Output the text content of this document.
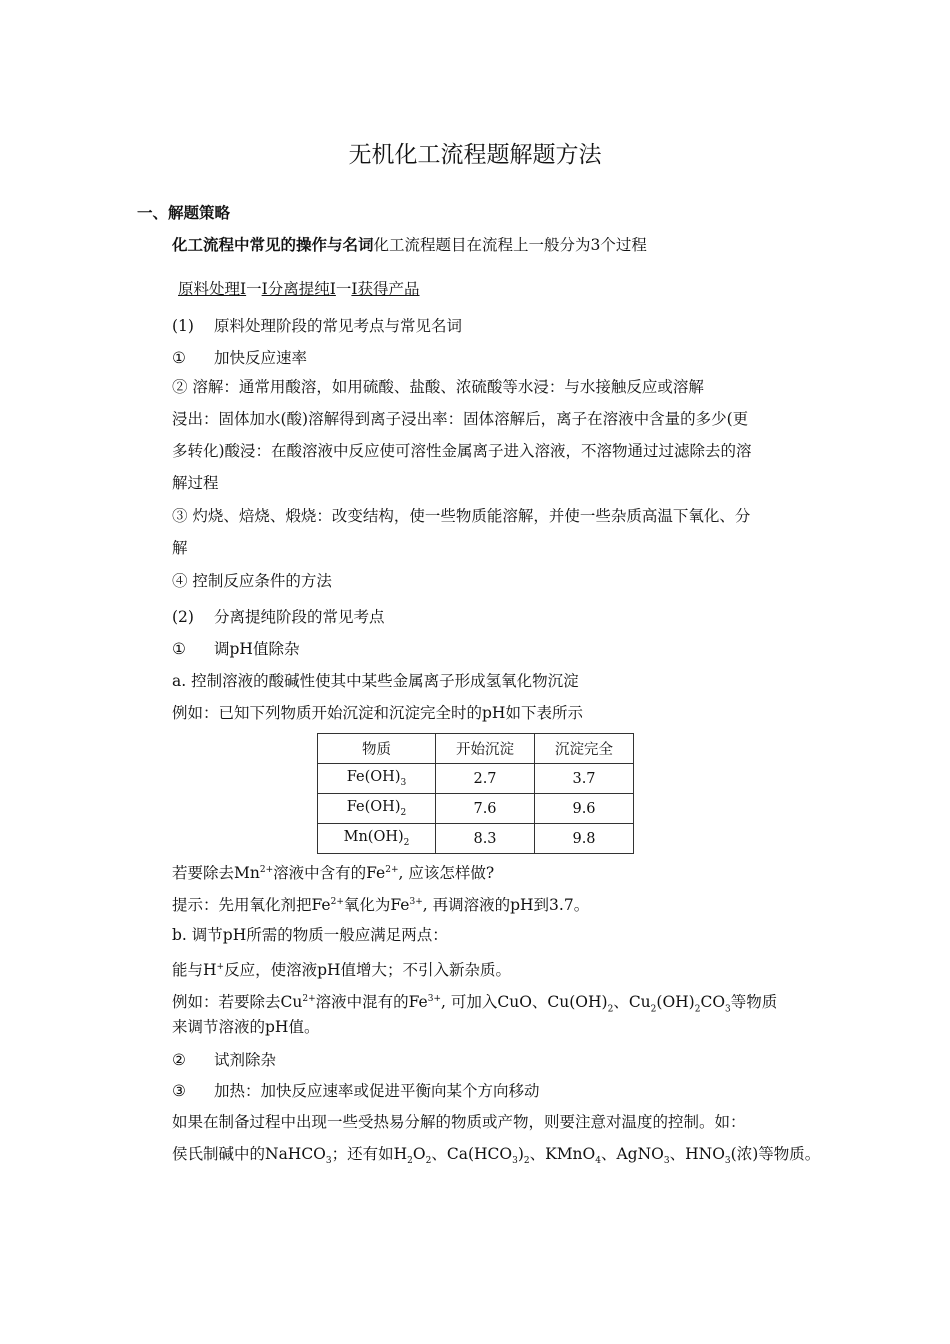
无机化工流程题解题方法
一、解题策略
化工流程中常见的操作与名词化工流程题目在流程上一般分为3个过程
原料处理I一I分离提纯I一I获得产品
(1) 原料处理阶段的常见考点与常见名词
① 加快反应速率
② 溶解：通常用酸溶，如用硫酸、盐酸、浓硫酸等水浸：与水接触反应或溶解
浸出：固体加水(酸)溶解得到离子浸出率：固体溶解后，离子在溶液中含量的多少(更
多转化)酸浸：在酸溶液中反应使可溶性金属离子进入溶液，不溶物通过过滤除去的溶
解过程
③ 灼烧、焙烧、煅烧：改变结构，使一些物质能溶解，并使一些杂质高温下氧化、分
解
④ 控制反应条件的方法
(2) 分离提纯阶段的常见考点
① 调pH值除杂
a. 控制溶液的酸碱性使其中某些金属离子形成氢氧化物沉淀
例如：已知下列物质开始沉淀和沉淀完全时的pH如下表所示
物质	开始沉淀	沉淀完全
$Fe(OH)_3$	2.7	3.7
$Fe(OH)_2$	7.6	9.6
$Mn(OH)_2$	8.3	9.8
若要除去$Mn^{2+}$溶液中含有的$Fe^{2+}$, 应该怎样做?
提示：先用氧化剂把$Fe^{2+}$氧化为$Fe^{3+}$, 再调溶液的pH到3.7。
b. 调节pH所需的物质一般应满足两点：
能与H+反应，使溶液pH值增大；不引入新杂质。
例如：若要除去$Cu^{2+}$溶液中混有的$Fe^{3+}$, 可加入CuO、$Cu(OH)_2$、$Cu_2(OH)_2CO_3$等物质
来调节溶液的pH值。
② 试剂除杂
③ 加热：加快反应速率或促进平衡向某个方向移动
如果在制备过程中出现一些受热易分解的物质或产物，则要注意对温度的控制。如：
侯氏制碱中的NaHCO$_3$；还有如$H_2O_2$、$Ca(HCO_3)_2$、KMnO$_4$、AgNO$_3$、$HNO_3$(浓)等物质。
